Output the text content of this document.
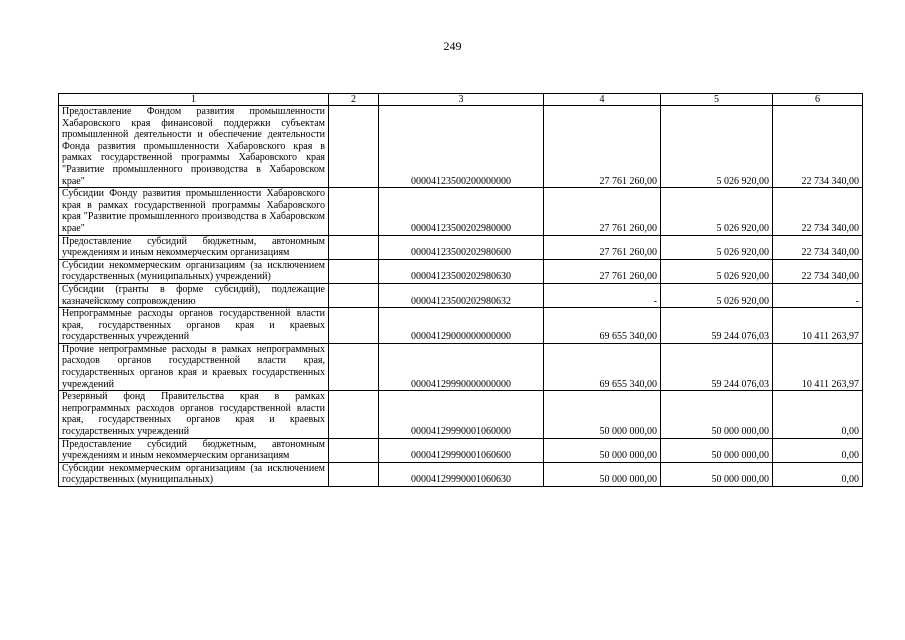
249
1	2	3	4	5	6
Предоставление Фондом развития промышленности Хабаровского края финансовой поддержки субъектам промышленной деятельности и обеспечение деятельности Фонда развития промышленности Хабаровского края в рамках государственной программы Хабаровского края "Развитие промышленного производства в Хабаровском крае"		00004123500200000000	27 761 260,00	5 026 920,00	22 734 340,00
Субсидии Фонду развития промышленности Хабаровского края в рамках государственной программы Хабаровского края "Развитие промышленного производства в Хабаровском крае"		00004123500202980000	27 761 260,00	5 026 920,00	22 734 340,00
Предоставление субсидий бюджетным, автономным учреждениям и иным некоммерческим организациям		00004123500202980600	27 761 260,00	5 026 920,00	22 734 340,00
Субсидии некоммерческим организациям (за исключением государственных (муниципальных) учреждений)		00004123500202980630	27 761 260,00	5 026 920,00	22 734 340,00
Субсидии (гранты в форме субсидий), подлежащие казначейскому сопровождению		00004123500202980632	-	5 026 920,00	-
Непрограммные расходы органов государственной власти края, государственных органов края и краевых государственных учреждений		00004129000000000000	69 655 340,00	59 244 076,03	10 411 263,97
Прочие непрограммные расходы в рамках непрограммных расходов органов государственной власти края, государственных органов края и краевых государственных учреждений		00004129990000000000	69 655 340,00	59 244 076,03	10 411 263,97
Резервный фонд Правительства края в рамках непрограммных расходов органов государственной власти края, государственных органов края и краевых государственных учреждений		00004129990001060000	50 000 000,00	50 000 000,00	0,00
Предоставление субсидий бюджетным, автономным учреждениям и иным некоммерческим организациям		00004129990001060600	50 000 000,00	50 000 000,00	0,00
Субсидии некоммерческим организациям (за исключением государственных (муниципальных)		00004129990001060630	50 000 000,00	50 000 000,00	0,00
